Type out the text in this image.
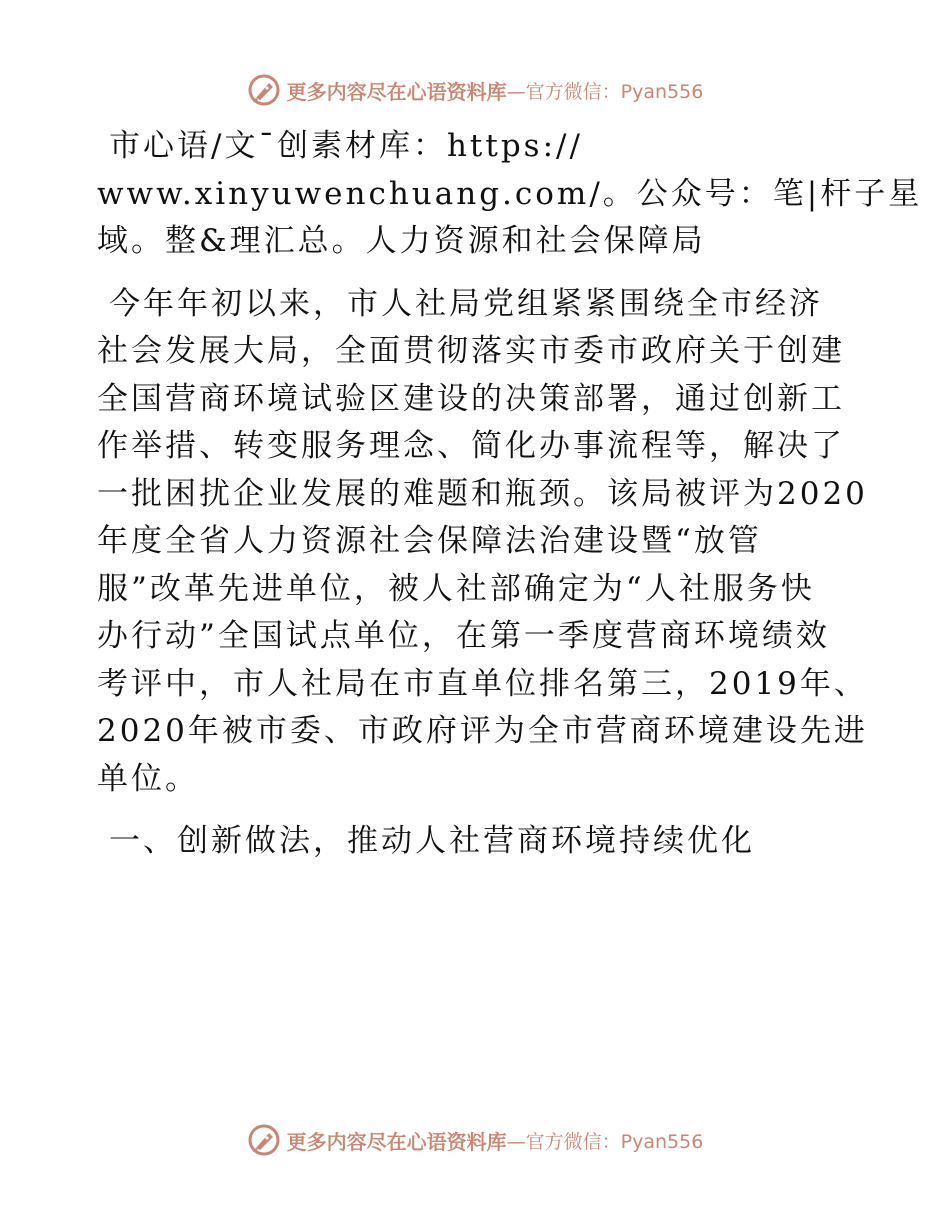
更多内容尽在心语资料库 —官方微信：Pyan556

市心语/文¯创素材库：https://
www.xinyuwenchuang.com/。公众号：笔|杆子星
域。整&理汇总。人力资源和社会保障局

今年年初以来，市人社局党组紧紧围绕全市经济
社会发展大局，全面贯彻落实市委市政府关于创建
全国营商环境试验区建设的决策部署，通过创新工
作举措、转变服务理念、简化办事流程等，解决了
一批困扰企业发展的难题和瓶颈。该局被评为2020
年度全省人力资源社会保障法治建设暨“放管
服”改革先进单位，被人社部确定为“人社服务快
办行动”全国试点单位，在第一季度营商环境绩效
考评中，市人社局在市直单位排名第三，2019年、
2020年被市委、市政府评为全市营商环境建设先进
单位。

一、创新做法，推动人社营商环境持续优化

更多内容尽在心语资料库 —官方微信：Pyan556
